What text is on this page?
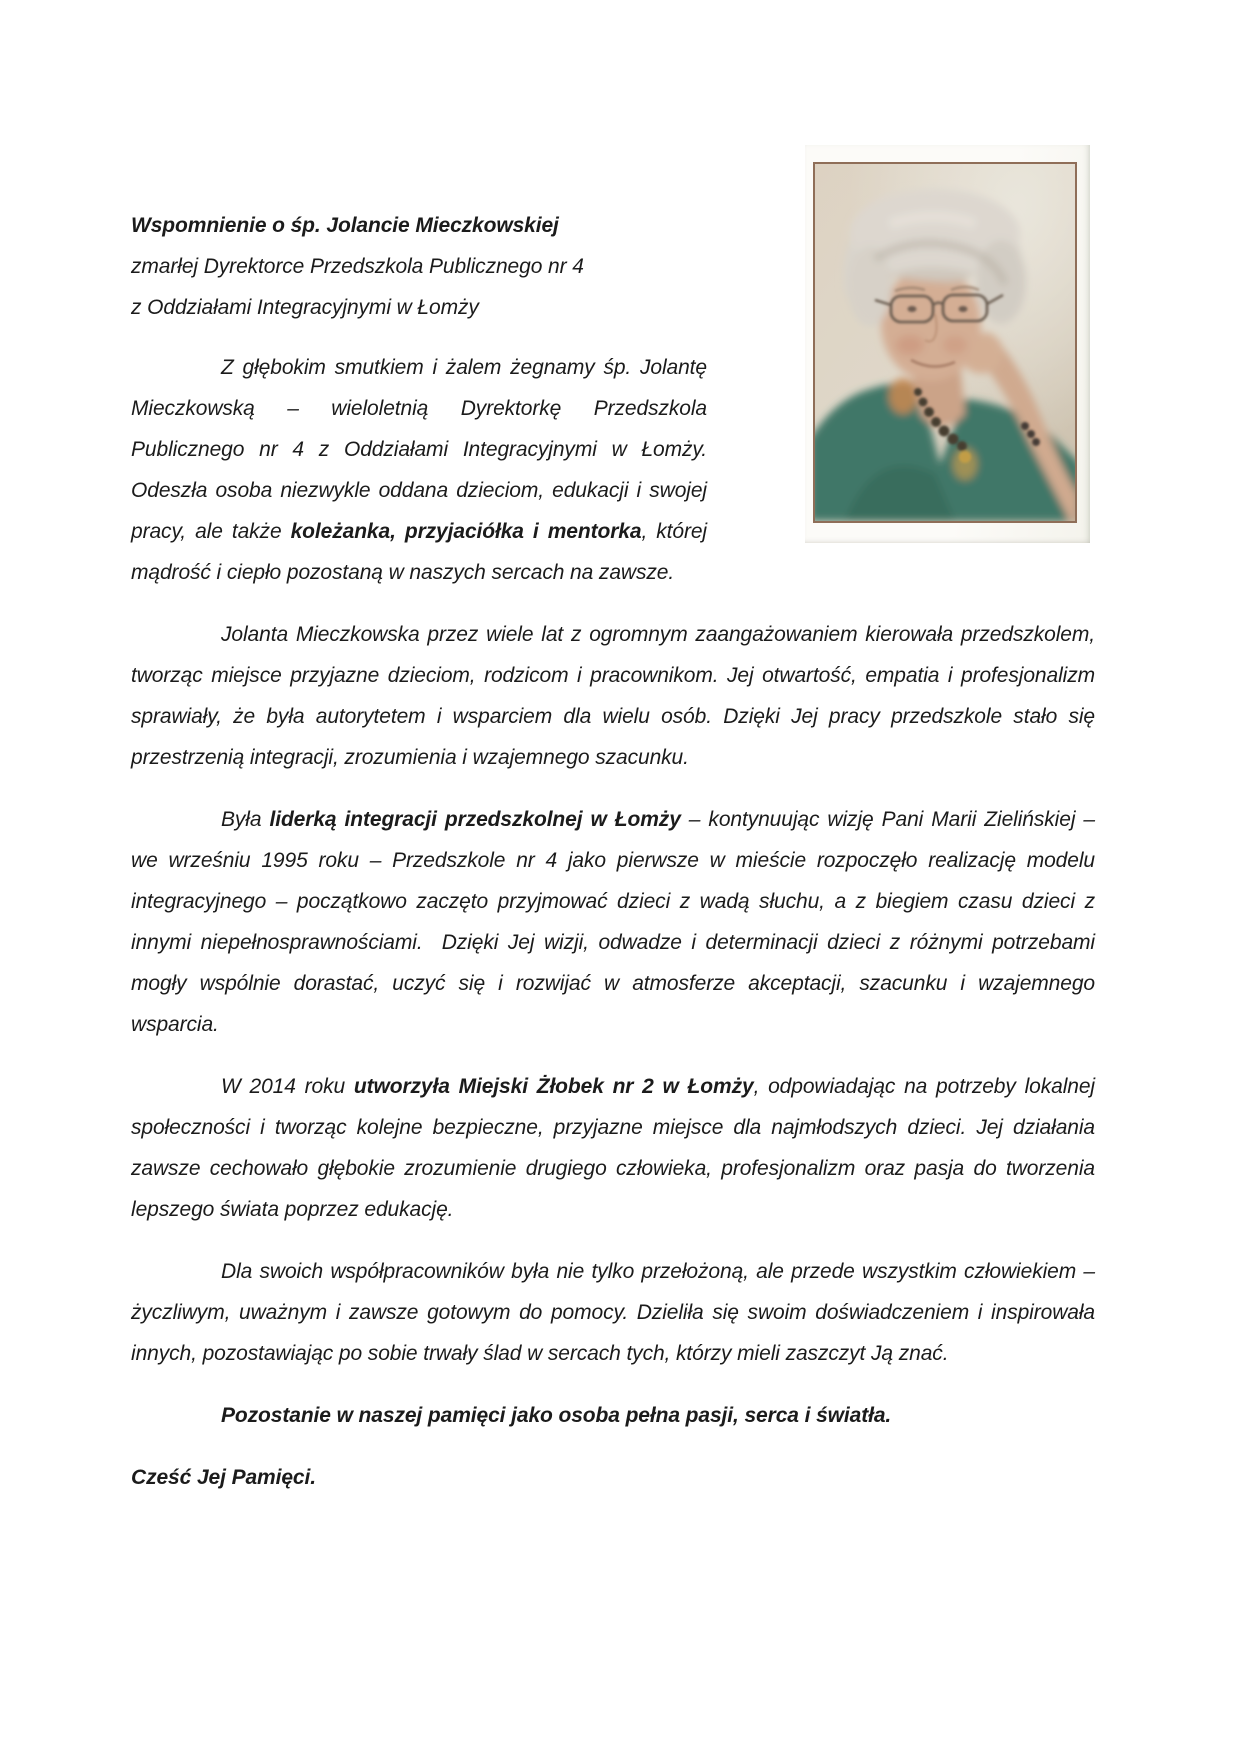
Wspomnienie o śp. Jolancie Mieczkowskiej
zmarłej Dyrektorce Przedszkola Publicznego nr 4
z Oddziałami Integracyjnymi w Łomży

Z głębokim smutkiem i żalem żegnamy śp. Jolantę Mieczkowską – wieloletnią Dyrektorkę Przedszkola Publicznego nr 4 z Oddziałami Integracyjnymi w Łomży. Odeszła osoba niezwykle oddana dzieciom, edukacji i swojej pracy, ale także koleżanka, przyjaciółka i mentorka, której mądrość i ciepło pozostaną w naszych sercach na zawsze.

Jolanta Mieczkowska przez wiele lat z ogromnym zaangażowaniem kierowała przedszkolem, tworząc miejsce przyjazne dzieciom, rodzicom i pracownikom. Jej otwartość, empatia i profesjonalizm sprawiały, że była autorytetem i wsparciem dla wielu osób. Dzięki Jej pracy przedszkole stało się przestrzenią integracji, zrozumienia i wzajemnego szacunku.

Była liderką integracji przedszkolnej w Łomży – kontynuując wizję Pani Marii Zielińskiej – we wrześniu 1995 roku – Przedszkole nr 4 jako pierwsze w mieście rozpoczęło realizację modelu integracyjnego – początkowo zaczęto przyjmować dzieci z wadą słuchu, a z biegiem czasu dzieci z innymi niepełnosprawnościami.  Dzięki Jej wizji, odwadze i determinacji dzieci z różnymi potrzebami mogły wspólnie dorastać, uczyć się i rozwijać w atmosferze akceptacji, szacunku i wzajemnego wsparcia.

W 2014 roku utworzyła Miejski Żłobek nr 2 w Łomży, odpowiadając na potrzeby lokalnej społeczności i tworząc kolejne bezpieczne, przyjazne miejsce dla najmłodszych dzieci. Jej działania zawsze cechowało głębokie zrozumienie drugiego człowieka, profesjonalizm oraz pasja do tworzenia lepszego świata poprzez edukację.

Dla swoich współpracowników była nie tylko przełożoną, ale przede wszystkim człowiekiem – życzliwym, uważnym i zawsze gotowym do pomocy. Dzieliła się swoim doświadczeniem i inspirowała innych, pozostawiając po sobie trwały ślad w sercach tych, którzy mieli zaszczyt Ją znać.

Pozostanie w naszej pamięci jako osoba pełna pasji, serca i światła.

Cześć Jej Pamięci.
